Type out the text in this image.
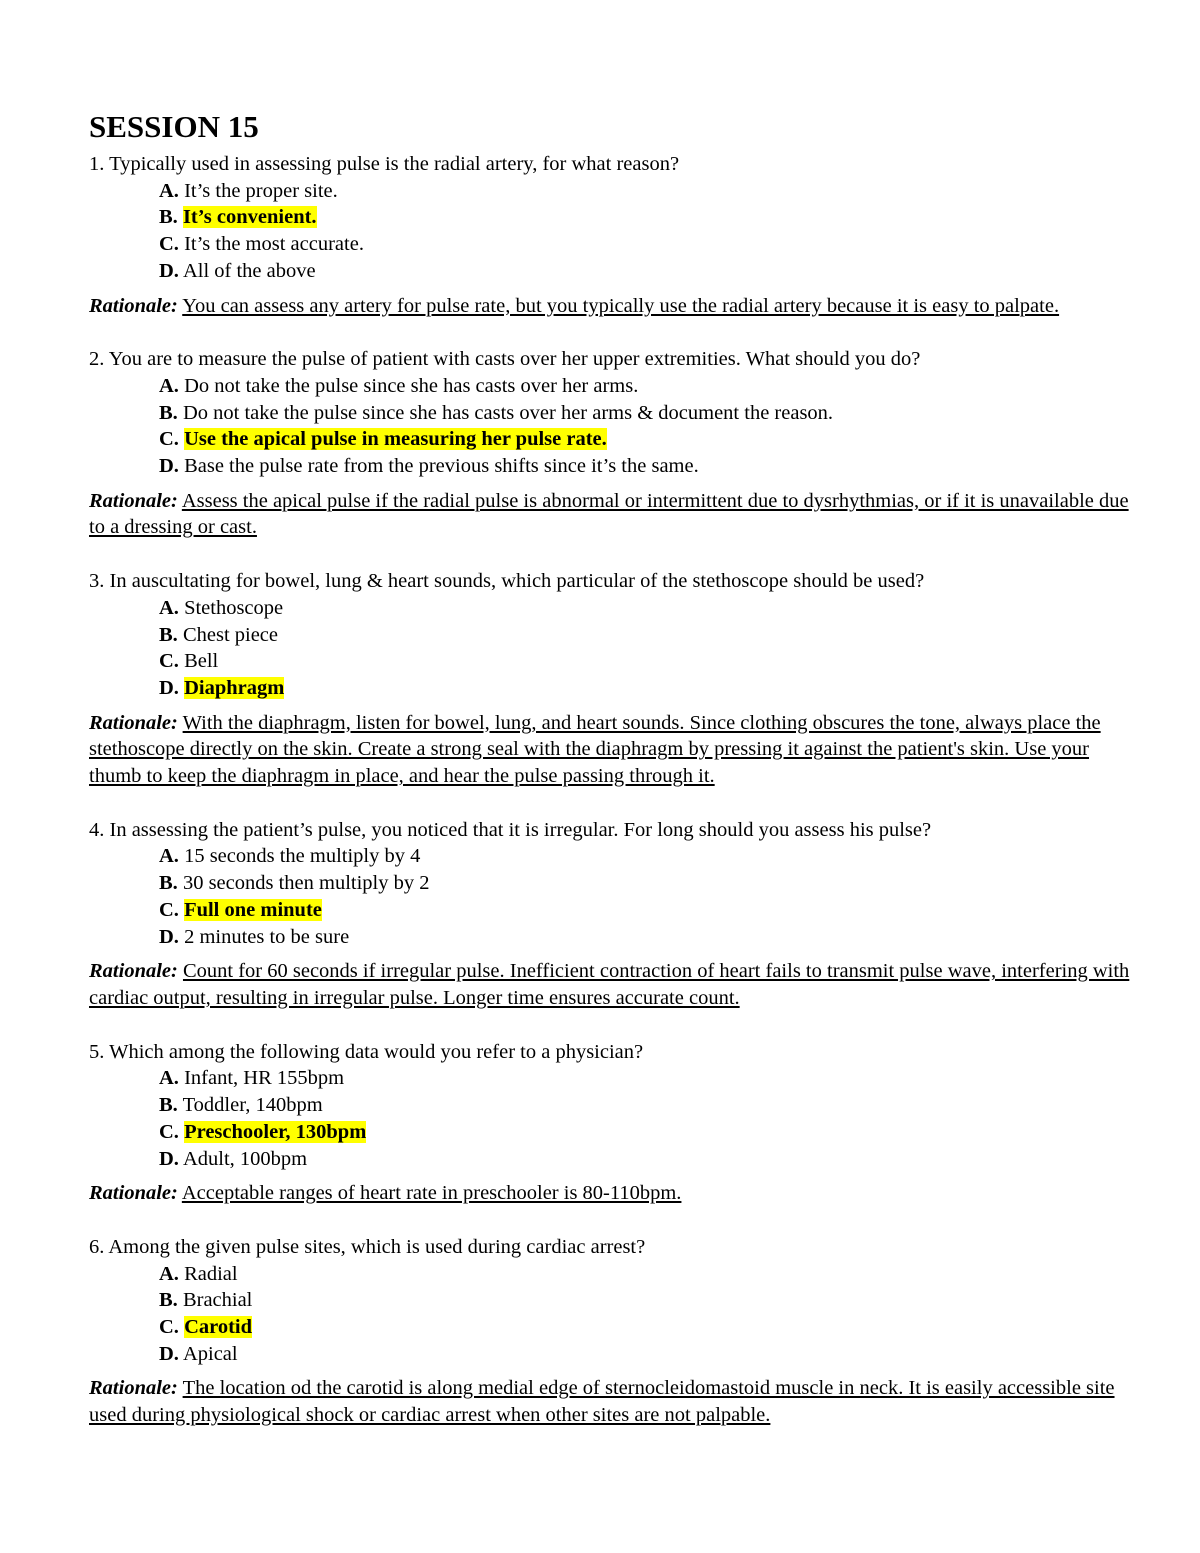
SESSION 15

1. Typically used in assessing pulse is the radial artery, for what reason?

A. It’s the proper site.
B. It’s convenient.
C. It’s the most accurate.
D. All of the above

Rationale: You can assess any artery for pulse rate, but you typically use the radial artery because it is easy to palpate.

2. You are to measure the pulse of patient with casts over her upper extremities. What should you do?

A. Do not take the pulse since she has casts over her arms.
B. Do not take the pulse since she has casts over her arms & document the reason.
C. Use the apical pulse in measuring her pulse rate.
D. Base the pulse rate from the previous shifts since it’s the same.

Rationale: Assess the apical pulse if the radial pulse is abnormal or intermittent due to dysrhythmias, or if it is unavailable due to a dressing or cast.

3. In auscultating for bowel, lung & heart sounds, which particular of the stethoscope should be used?

A. Stethoscope
B. Chest piece
C. Bell
D. Diaphragm

Rationale: With the diaphragm, listen for bowel, lung, and heart sounds. Since clothing obscures the tone, always place the stethoscope directly on the skin. Create a strong seal with the diaphragm by pressing it against the patient's skin. Use your thumb to keep the diaphragm in place, and hear the pulse passing through it.

4. In assessing the patient’s pulse, you noticed that it is irregular. For long should you assess his pulse?

A. 15 seconds the multiply by 4
B. 30 seconds then multiply by 2
C. Full one minute
D. 2 minutes to be sure

Rationale: Count for 60 seconds if irregular pulse. Inefficient contraction of heart fails to transmit pulse wave, interfering with cardiac output, resulting in irregular pulse. Longer time ensures accurate count.

5. Which among the following data would you refer to a physician?

A. Infant, HR 155bpm
B. Toddler, 140bpm
C. Preschooler, 130bpm
D. Adult, 100bpm

Rationale: Acceptable ranges of heart rate in preschooler is 80-110bpm.

6. Among the given pulse sites, which is used during cardiac arrest?

A. Radial
B. Brachial
C. Carotid
D. Apical

Rationale: The location od the carotid is along medial edge of sternocleidomastoid muscle in neck. It is easily accessible site used during physiological shock or cardiac arrest when other sites are not palpable.
